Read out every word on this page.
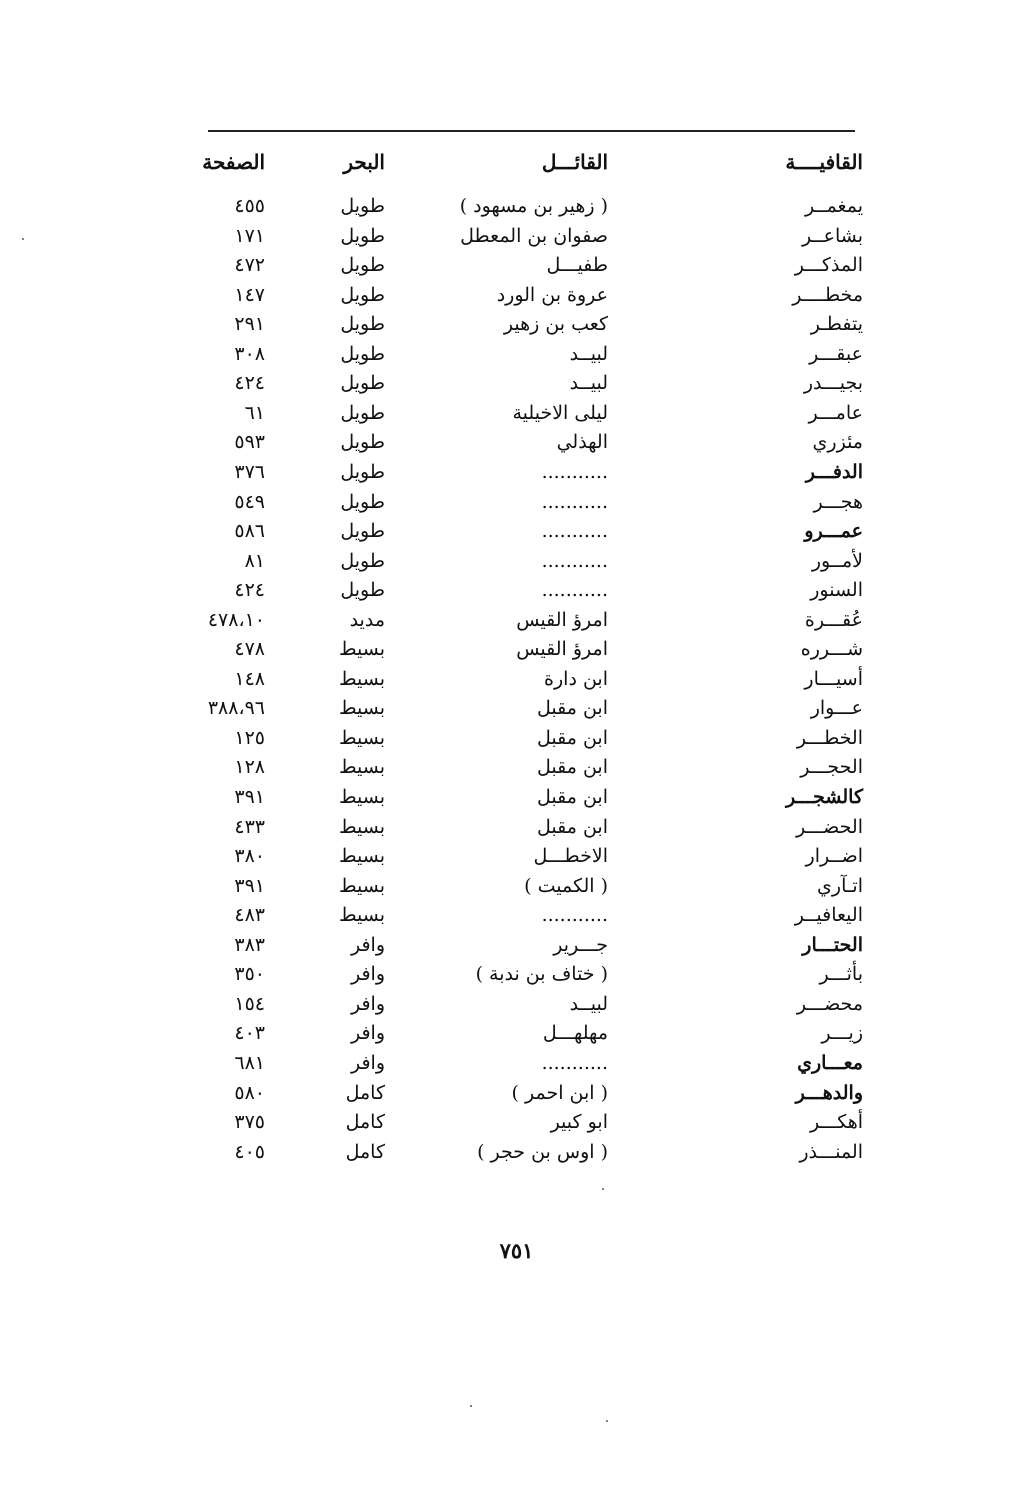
القافيــــة
القائـــل
البحر
الصفحة
يمغمــر
( زهير بن مسهود )
طويل
٤٥٥
بشاعــر
صفوان بن المعطل
طويل
١٧١
المذكـــر
طفيـــل
طويل
٤٧٢
مخطــــر
عروة بن الورد
طويل
١٤٧
يتفطـر
كعب بن زهير
طويل
٢٩١
عبقـــر
لبيــد
طويل
٣٠٨
بجيـــدر
لبيــد
طويل
٤٢٤
عامـــر
ليلى الاخيلية
طويل
٦١
مئزري
الهذلي
طويل
٥٩٣
الدفـــر
...........
طويل
٣٧٦
هجـــر
...........
طويل
٥٤٩
عمـــرو
...........
طويل
٥٨٦
لأمــور
...........
طويل
٨١
السنور
...........
طويل
٤٢٤
عُقـــرة
امرؤ القيس
مديد
٤٧٨،١٠
شـــرره
امرؤ القيس
بسيط
٤٧٨
أسيـــار
ابن دارة
بسيط
١٤٨
عـــوار
ابن مقبل
بسيط
٣٨٨،٩٦
الخطـــر
ابن مقبل
بسيط
١٢٥
الحجـــر
ابن مقبل
بسيط
١٢٨
كالشجـــر
ابن مقبل
بسيط
٣٩١
الحضـــر
ابن مقبل
بسيط
٤٣٣
اضــرار
الاخطـــل
بسيط
٣٨٠
اتـآري
( الكميت )
بسيط
٣٩١
اليعافيــر
...........
بسيط
٤٨٣
الحتـــار
جـــرير
وافر
٣٨٣
بأثـــر
( ختاف بن ندبة )
وافر
٣٥٠
محضـــر
لبيــد
وافر
١٥٤
زيـــر
مهلهـــل
وافر
٤٠٣
معـــاري
...........
وافر
٦٨١
والدهـــر
( ابن احمر )
كامل
٥٨٠
أهكـــر
ابو كبير
كامل
٣٧٥
المنـــذر
( اوس بن حجر )
كامل
٤٠٥
٧٥١
